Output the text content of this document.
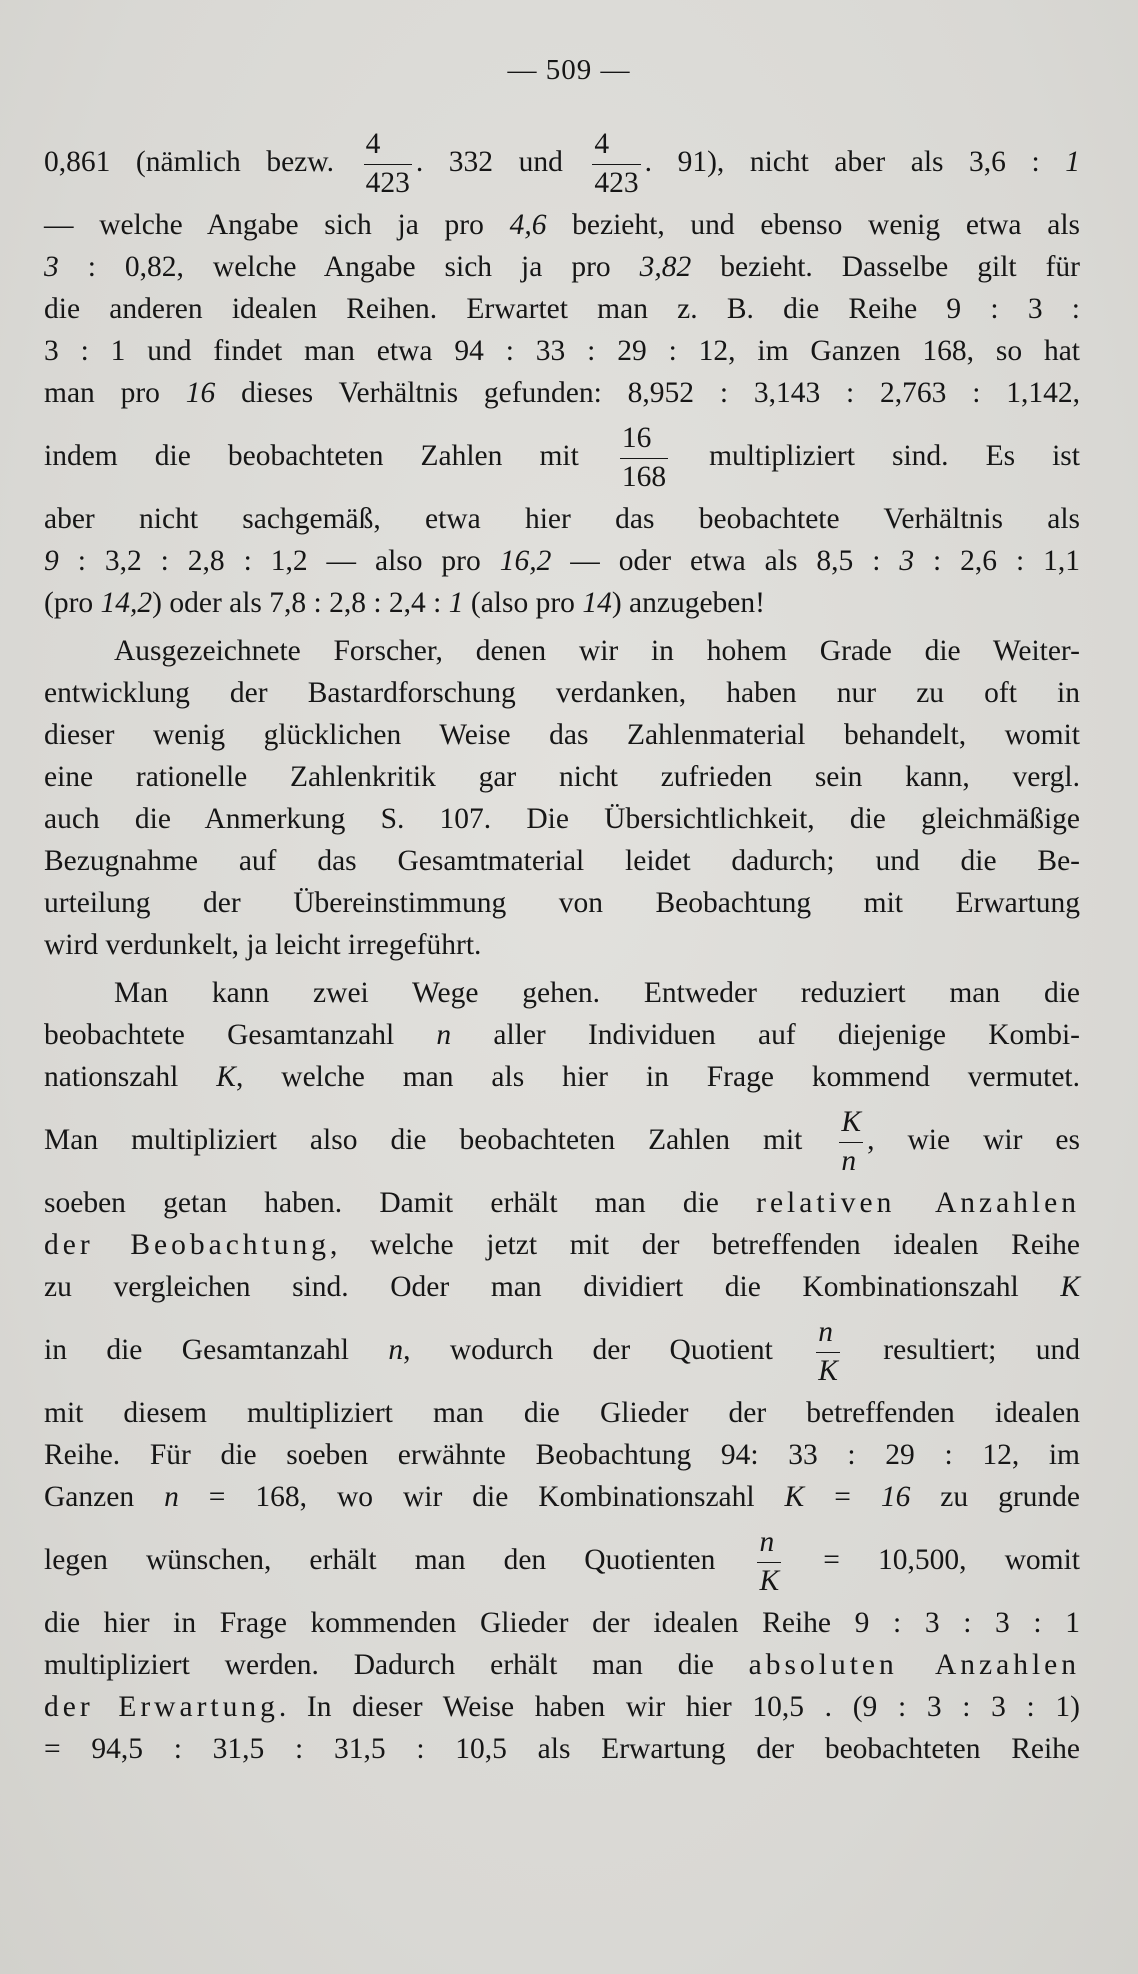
— 509 —
0,861 (nämlich bezw. $\frac{4}{423}$ . 332 und $\frac{4}{423}$ . 91), nicht aber als 3,6 : 1
— welche Angabe sich ja pro 4,6 bezieht, und ebenso wenig etwa als
3 : 0,82, welche Angabe sich ja pro 3,82 bezieht. Dasselbe gilt für
die anderen idealen Reihen. Erwartet man z. B. die Reihe 9 : 3 :
3 : 1 und findet man etwa 94 : 33 : 29 : 12, im Ganzen 168, so hat
man pro 16 dieses Verhältnis gefunden: 8,952 : 3,143 : 2,763 : 1,142,
indem die beobachteten Zahlen mit $\frac{16}{168}$ multipliziert sind. Es ist
aber nicht sachgemäß, etwa hier das beobachtete Verhältnis als
9 : 3,2 : 2,8 : 1,2 — also pro 16,2 — oder etwa als 8,5 : 3 : 2,6 : 1,1
(pro 14,2) oder als 7,8 : 2,8 : 2,4 : 1 (also pro 14) anzugeben!
Ausgezeichnete Forscher, denen wir in hohem Grade die Weiter-
entwicklung der Bastardforschung verdanken, haben nur zu oft in
dieser wenig glücklichen Weise das Zahlenmaterial behandelt, womit
eine rationelle Zahlenkritik gar nicht zufrieden sein kann, vergl.
auch die Anmerkung S. 107. Die Übersichtlichkeit, die gleichmäßige
Bezugnahme auf das Gesamtmaterial leidet dadurch; und die Be-
urteilung der Übereinstimmung von Beobachtung mit Erwartung
wird verdunkelt, ja leicht irregeführt.
Man kann zwei Wege gehen. Entweder reduziert man die
beobachtete Gesamtanzahl n aller Individuen auf diejenige Kombi-
nationszahl K, welche man als hier in Frage kommend vermutet.
Man multipliziert also die beobachteten Zahlen mit $\frac{K}{n}$ , wie wir es
soeben getan haben. Damit erhält man die relativen Anzahlen
der Beobachtung, welche jetzt mit der betreffenden idealen Reihe
zu vergleichen sind. Oder man dividiert die Kombinationszahl K
in die Gesamtanzahl n, wodurch der Quotient $\frac{n}{K}$ resultiert; und
mit diesem multipliziert man die Glieder der betreffenden idealen
Reihe. Für die soeben erwähnte Beobachtung 94: 33 : 29 : 12, im
Ganzen n = 168, wo wir die Kombinationszahl K = 16 zu grunde
legen wünschen, erhält man den Quotienten $\frac{n}{K} = 10,500$, womit
die hier in Frage kommenden Glieder der idealen Reihe 9 : 3 : 3 : 1
multipliziert werden. Dadurch erhält man die absoluten Anzahlen
der Erwartung. In dieser Weise haben wir hier 10,5 . (9 : 3 : 3 : 1)
= 94,5 : 31,5 : 31,5 : 10,5 als Erwartung der beobachteten Reihe
